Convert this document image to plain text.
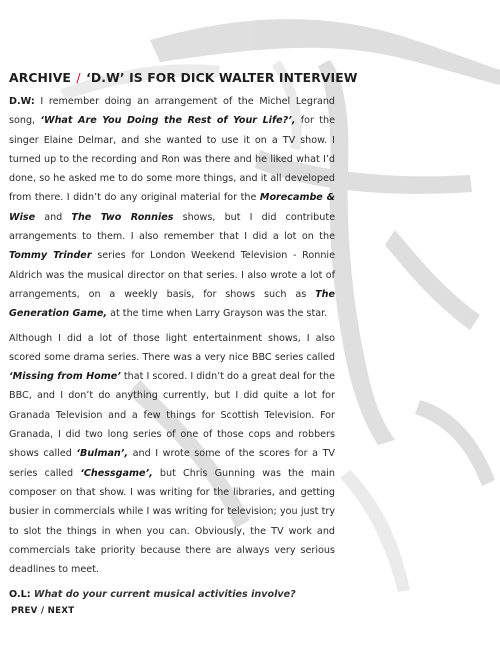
ARCHIVE / ‘D.W’ IS FOR DICK WALTER INTERVIEW

D.W: I remember doing an arrangement of the Michel Legrand song, ‘What Are You Doing the Rest of Your Life?’, for the singer Elaine Delmar, and she wanted to use it on a TV show. I turned up to the recording and Ron was there and he liked what I’d done, so he asked me to do some more things, and it all developed from there. I didn’t do any original material for the Morecambe & Wise and The Two Ronnies shows, but I did contribute arrangements to them. I also remember that I did a lot on the Tommy Trinder series for London Weekend Television - Ronnie Aldrich was the musical director on that series. I also wrote a lot of arrangements, on a weekly basis, for shows such as The Generation Game, at the time when Larry Grayson was the star.

Although I did a lot of those light entertainment shows, I also scored some drama series. There was a very nice BBC series called ‘Missing from Home’ that I scored. I didn’t do a great deal for the BBC, and I don’t do anything currently, but I did quite a lot for Granada Television and a few things for Scottish Television. For Granada, I did two long series of one of those cops and robbers shows called ‘Bulman’, and I wrote some of the scores for a TV series called ‘Chessgame’, but Chris Gunning was the main composer on that show. I was writing for the libraries, and getting busier in commercials while I was writing for television; you just try to slot the things in when you can. Obviously, the TV work and commercials take priority because there are always very serious deadlines to meet.

O.L: What do your current musical activities involve?
PREV / NEXT
